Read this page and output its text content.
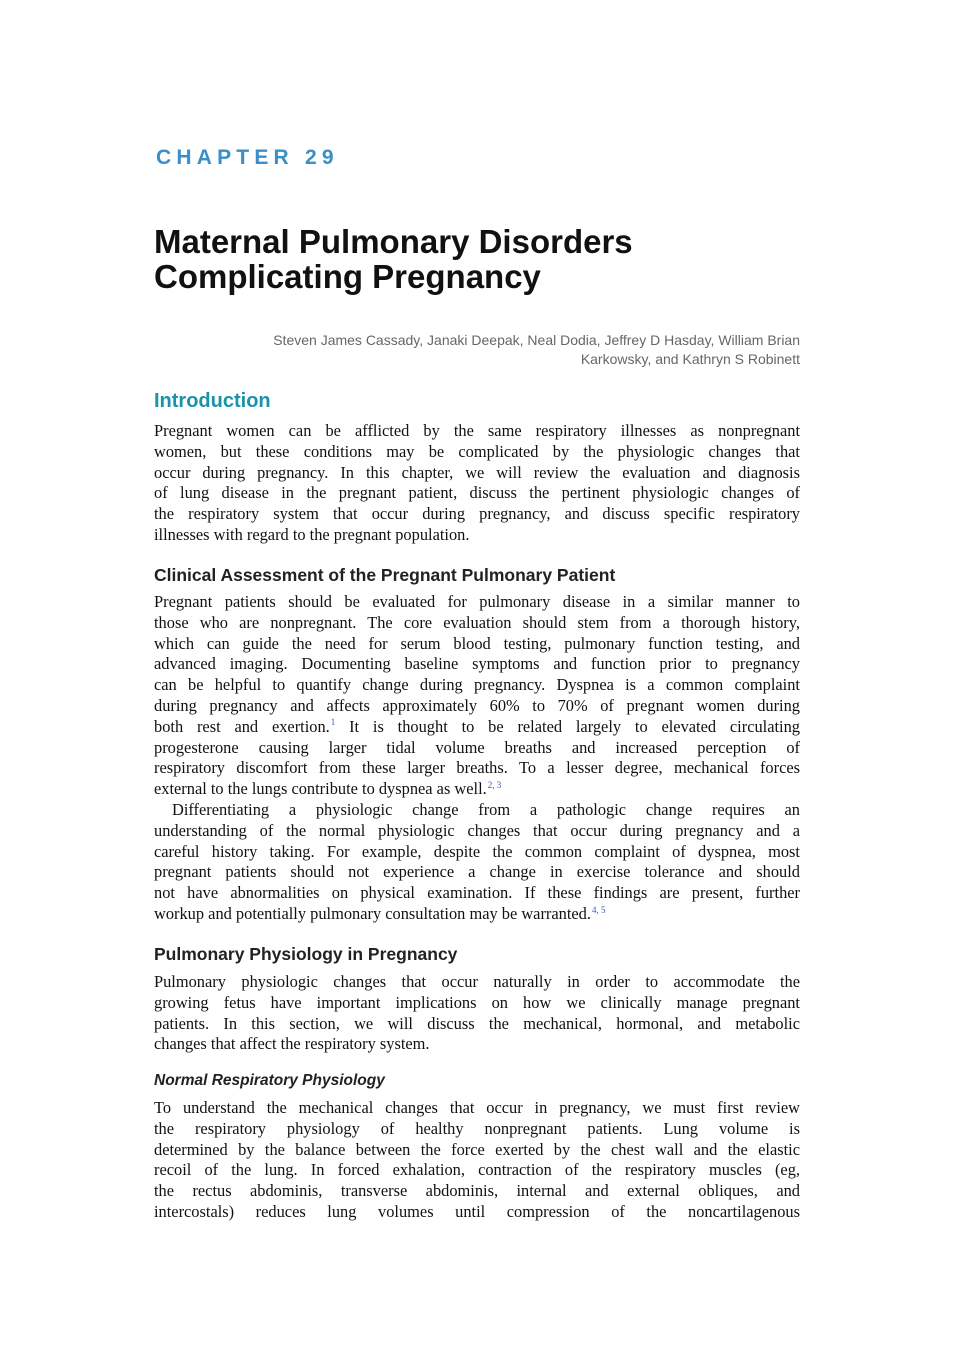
CHAPTER 29
Maternal Pulmonary Disorders
Complicating Pregnancy
Steven James Cassady, Janaki Deepak, Neal Dodia, Jeffrey D Hasday, William Brian
Karkowsky, and Kathryn S Robinett
Introduction

Pregnant women can be afflicted by the same respiratory illnesses as nonpregnant
women, but these conditions may be complicated by the physiologic changes that
occur during pregnancy. In this chapter, we will review the evaluation and diagnosis
of lung disease in the pregnant patient, discuss the pertinent physiologic changes of
the respiratory system that occur during pregnancy, and discuss specific respiratory
illnesses with regard to the pregnant population.

Clinical Assessment of the Pregnant Pulmonary Patient

Pregnant patients should be evaluated for pulmonary disease in a similar manner to
those who are nonpregnant. The core evaluation should stem from a thorough history,
which can guide the need for serum blood testing, pulmonary function testing, and
advanced imaging. Documenting baseline symptoms and function prior to pregnancy
can be helpful to quantify change during pregnancy. Dyspnea is a common complaint
during pregnancy and affects approximately 60% to 70% of pregnant women during
both rest and exertion.$^1$ It is thought to be related largely to elevated circulating
progesterone causing larger tidal volume breaths and increased perception of
respiratory discomfort from these larger breaths. To a lesser degree, mechanical forces
external to the lungs contribute to dyspnea as well.$^{2, 3}$

Differentiating a physiologic change from a pathologic change requires an
understanding of the normal physiologic changes that occur during pregnancy and a
careful history taking. For example, despite the common complaint of dyspnea, most
pregnant patients should not experience a change in exercise tolerance and should
not have abnormalities on physical examination. If these findings are present, further
workup and potentially pulmonary consultation may be warranted.$^{4, 5}$

Pulmonary Physiology in Pregnancy

Pulmonary physiologic changes that occur naturally in order to accommodate the
growing fetus have important implications on how we clinically manage pregnant
patients. In this section, we will discuss the mechanical, hormonal, and metabolic
changes that affect the respiratory system.

Normal Respiratory Physiology

To understand the mechanical changes that occur in pregnancy, we must first review
the respiratory physiology of healthy nonpregnant patients. Lung volume is
determined by the balance between the force exerted by the chest wall and the elastic
recoil of the lung. In forced exhalation, contraction of the respiratory muscles (eg,
the rectus abdominis, transverse abdominis, internal and external obliques, and
intercostals) reduces lung volumes until compression of the noncartilagenous
